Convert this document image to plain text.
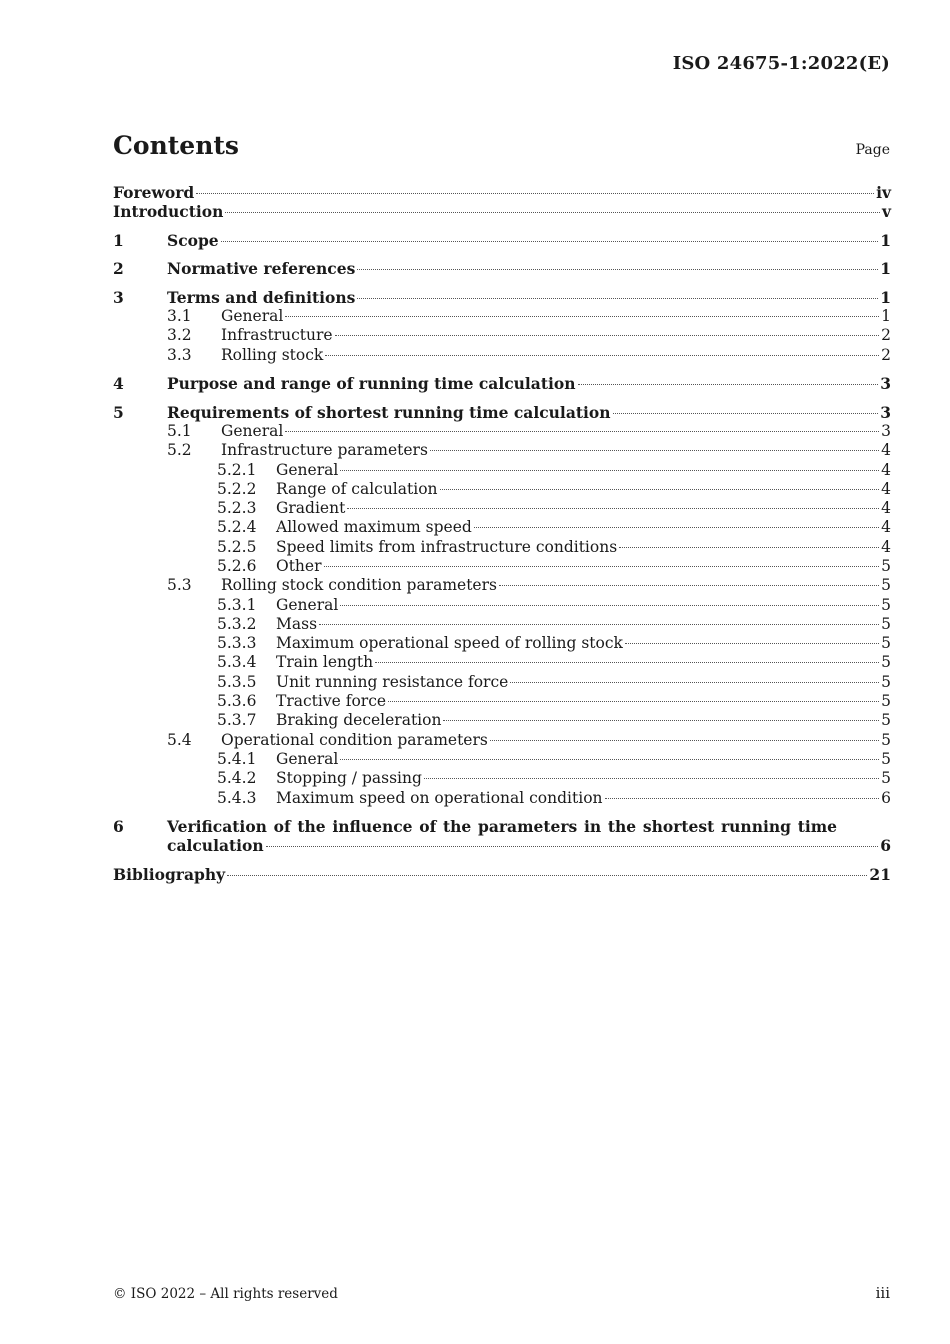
ISO 24675-1:2022(E)
Contents	Page
Foreword	iv
Introduction	v
1	Scope	1
2	Normative references	1
3	Terms and definitions	1
3.1	General	1
3.2	Infrastructure	2
3.3	Rolling stock	2
4	Purpose and range of running time calculation	3
5	Requirements of shortest running time calculation	3
5.1	General	3
5.2	Infrastructure parameters	4
5.2.1	General	4
5.2.2	Range of calculation	4
5.2.3	Gradient	4
5.2.4	Allowed maximum speed	4
5.2.5	Speed limits from infrastructure conditions	4
5.2.6	Other	5
5.3	Rolling stock condition parameters	5
5.3.1	General	5
5.3.2	Mass	5
5.3.3	Maximum operational speed of rolling stock	5
5.3.4	Train length	5
5.3.5	Unit running resistance force	5
5.3.6	Tractive force	5
5.3.7	Braking deceleration	5
5.4	Operational condition parameters	5
5.4.1	General	5
5.4.2	Stopping / passing	5
5.4.3	Maximum speed on operational condition	6
6	Verification of the influence of the parameters in the shortest running time
calculation	6
Bibliography	21
© ISO 2022 – All rights reserved	iii
